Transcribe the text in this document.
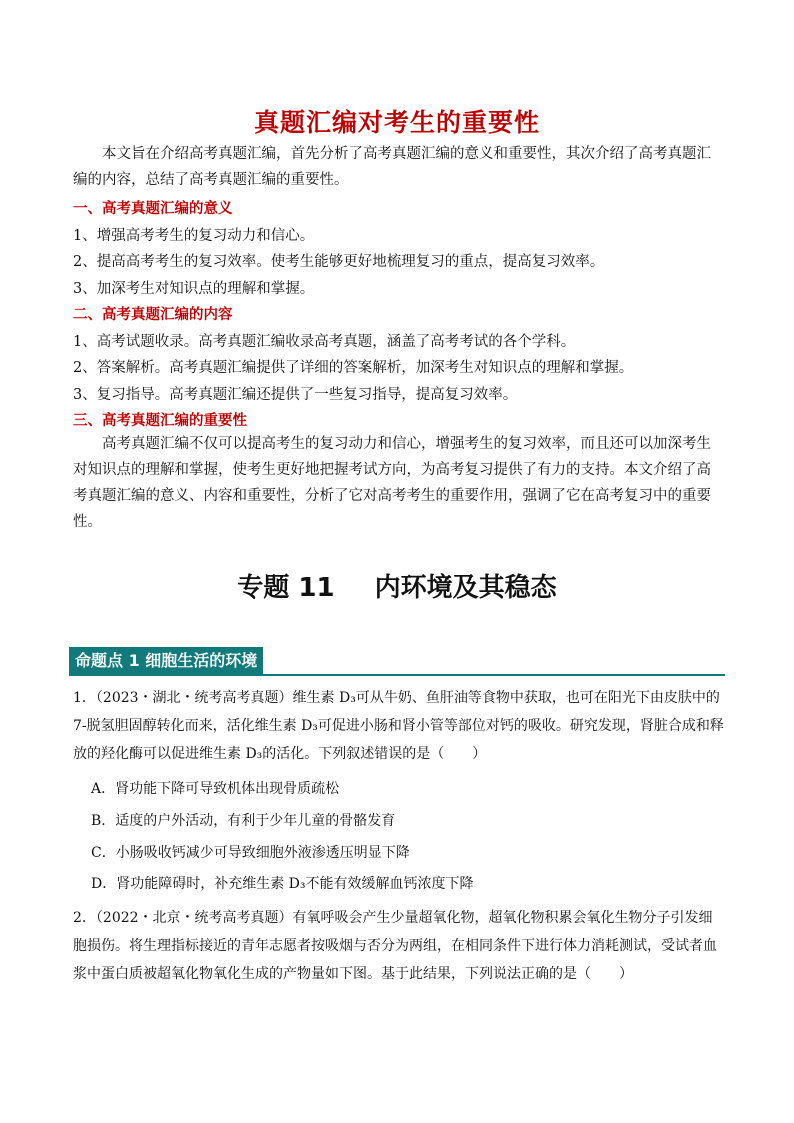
真题汇编对考生的重要性
本文旨在介绍高考真题汇编，首先分析了高考真题汇编的意义和重要性，其次介绍了高考真题汇编的内容，总结了高考真题汇编的重要性。
一、高考真题汇编的意义
1、增强高考考生的复习动力和信心。
2、提高高考考生的复习效率。使考生能够更好地梳理复习的重点，提高复习效率。
3、加深考生对知识点的理解和掌握。
二、高考真题汇编的内容
1、高考试题收录。高考真题汇编收录高考真题，涵盖了高考考试的各个学科。
2、答案解析。高考真题汇编提供了详细的答案解析，加深考生对知识点的理解和掌握。
3、复习指导。高考真题汇编还提供了一些复习指导，提高复习效率。
三、高考真题汇编的重要性
高考真题汇编不仅可以提高考生的复习动力和信心，增强考生的复习效率，而且还可以加深考生对知识点的理解和掌握，使考生更好地把握考试方向，为高考复习提供了有力的支持。本文介绍了高考真题汇编的意义、内容和重要性，分析了它对高考考生的重要作用，强调了它在高考复习中的重要性。
专题 11 内环境及其稳态
命题点 1 细胞生活的环境
1．（2023・湖北・统考高考真题）维生素 D₃可从牛奶、鱼肝油等食物中获取，也可在阳光下由皮肤中的 7-脱氢胆固醇转化而来，活化维生素 D₃可促进小肠和肾小管等部位对钙的吸收。研究发现，肾脏合成和释放的羟化酶可以促进维生素 D₃的活化。下列叙述错误的是（　　）
A．肾功能下降可导致机体出现骨质疏松
B．适度的户外活动，有利于少年儿童的骨骼发育
C．小肠吸收钙减少可导致细胞外液渗透压明显下降
D．肾功能障碍时，补充维生素 D₃不能有效缓解血钙浓度下降
2．（2022・北京・统考高考真题）有氧呼吸会产生少量超氧化物，超氧化物积累会氧化生物分子引发细胞损伤。将生理指标接近的青年志愿者按吸烟与否分为两组，在相同条件下进行体力消耗测试，受试者血浆中蛋白质被超氧化物氧化生成的产物量如下图。基于此结果，下列说法正确的是（　　）
